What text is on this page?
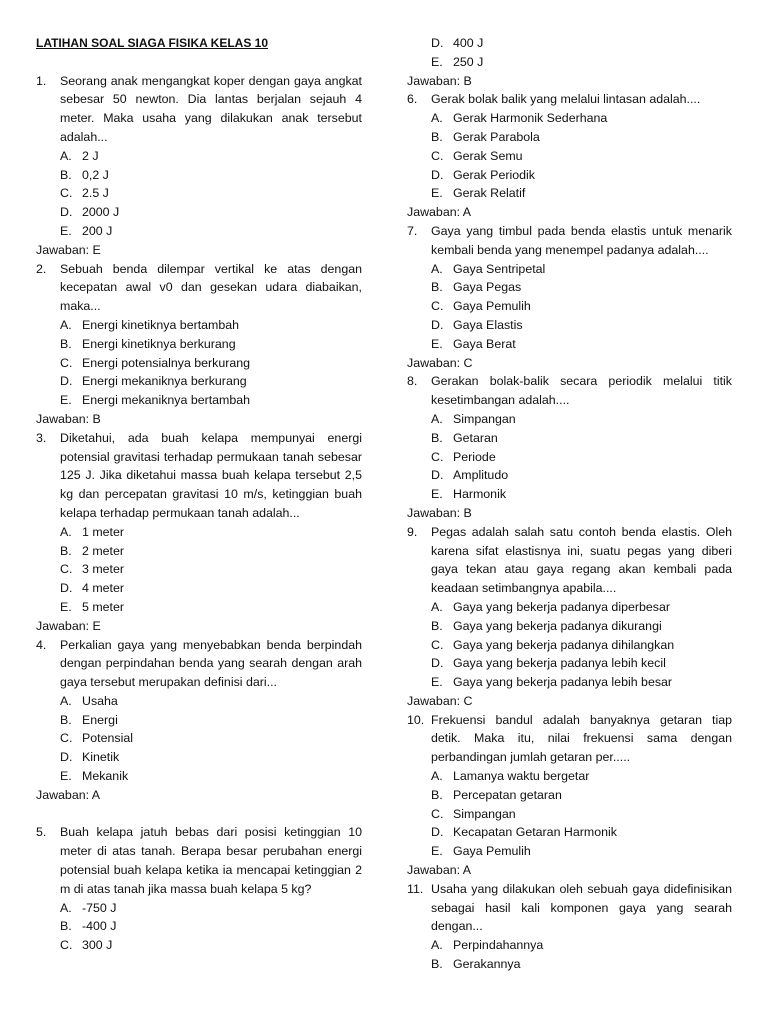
LATIHAN SOAL SIAGA FISIKA KELAS 10
1. Seorang anak mengangkat koper dengan gaya angkat sebesar 50 newton. Dia lantas berjalan sejauh 4 meter. Maka usaha yang dilakukan anak tersebut adalah...
A. 2 J
B. 0,2 J
C. 2.5 J
D. 2000 J
E. 200 J
Jawaban: E
2. Sebuah benda dilempar vertikal ke atas dengan kecepatan awal v0 dan gesekan udara diabaikan, maka...
A. Energi kinetiknya bertambah
B. Energi kinetiknya berkurang
C. Energi potensialnya berkurang
D. Energi mekaniknya berkurang
E. Energi mekaniknya bertambah
Jawaban: B
3. Diketahui, ada buah kelapa mempunyai energi potensial gravitasi terhadap permukaan tanah sebesar 125 J. Jika diketahui massa buah kelapa tersebut 2,5 kg dan percepatan gravitasi 10 m/s, ketinggian buah kelapa terhadap permukaan tanah adalah...
A. 1 meter
B. 2 meter
C. 3 meter
D. 4 meter
E. 5 meter
Jawaban: E
4. Perkalian gaya yang menyebabkan benda berpindah dengan perpindahan benda yang searah dengan arah gaya tersebut merupakan definisi dari...
A. Usaha
B. Energi
C. Potensial
D. Kinetik
E. Mekanik
Jawaban: A
5. Buah kelapa jatuh bebas dari posisi ketinggian 10 meter di atas tanah. Berapa besar perubahan energi potensial buah kelapa ketika ia mencapai ketinggian 2 m di atas tanah jika massa buah kelapa 5 kg?
A. -750 J
B. -400 J
C. 300 J
D. 400 J
E. 250 J
Jawaban: B
6. Gerak bolak balik yang melalui lintasan adalah....
A. Gerak Harmonik Sederhana
B. Gerak Parabola
C. Gerak Semu
D. Gerak Periodik
E. Gerak Relatif
Jawaban: A
7. Gaya yang timbul pada benda elastis untuk menarik kembali benda yang menempel padanya adalah....
A. Gaya Sentripetal
B. Gaya Pegas
C. Gaya Pemulih
D. Gaya Elastis
E. Gaya Berat
Jawaban: C
8. Gerakan bolak-balik secara periodik melalui titik kesetimbangan adalah....
A. Simpangan
B. Getaran
C. Periode
D. Amplitudo
E. Harmonik
Jawaban: B
9. Pegas adalah salah satu contoh benda elastis. Oleh karena sifat elastisnya ini, suatu pegas yang diberi gaya tekan atau gaya regang akan kembali pada keadaan setimbangnya apabila....
A. Gaya yang bekerja padanya diperbesar
B. Gaya yang bekerja padanya dikurangi
C. Gaya yang bekerja padanya dihilangkan
D. Gaya yang bekerja padanya lebih kecil
E. Gaya yang bekerja padanya lebih besar
Jawaban: C
10. Frekuensi bandul adalah banyaknya getaran tiap detik. Maka itu, nilai frekuensi sama dengan perbandingan jumlah getaran per.....
A. Lamanya waktu bergetar
B. Percepatan getaran
C. Simpangan
D. Kecapatan Getaran Harmonik
E. Gaya Pemulih
Jawaban: A
11. Usaha yang dilakukan oleh sebuah gaya didefinisikan sebagai hasil kali komponen gaya yang searah dengan...
A. Perpindahannya
B. Gerakannya
